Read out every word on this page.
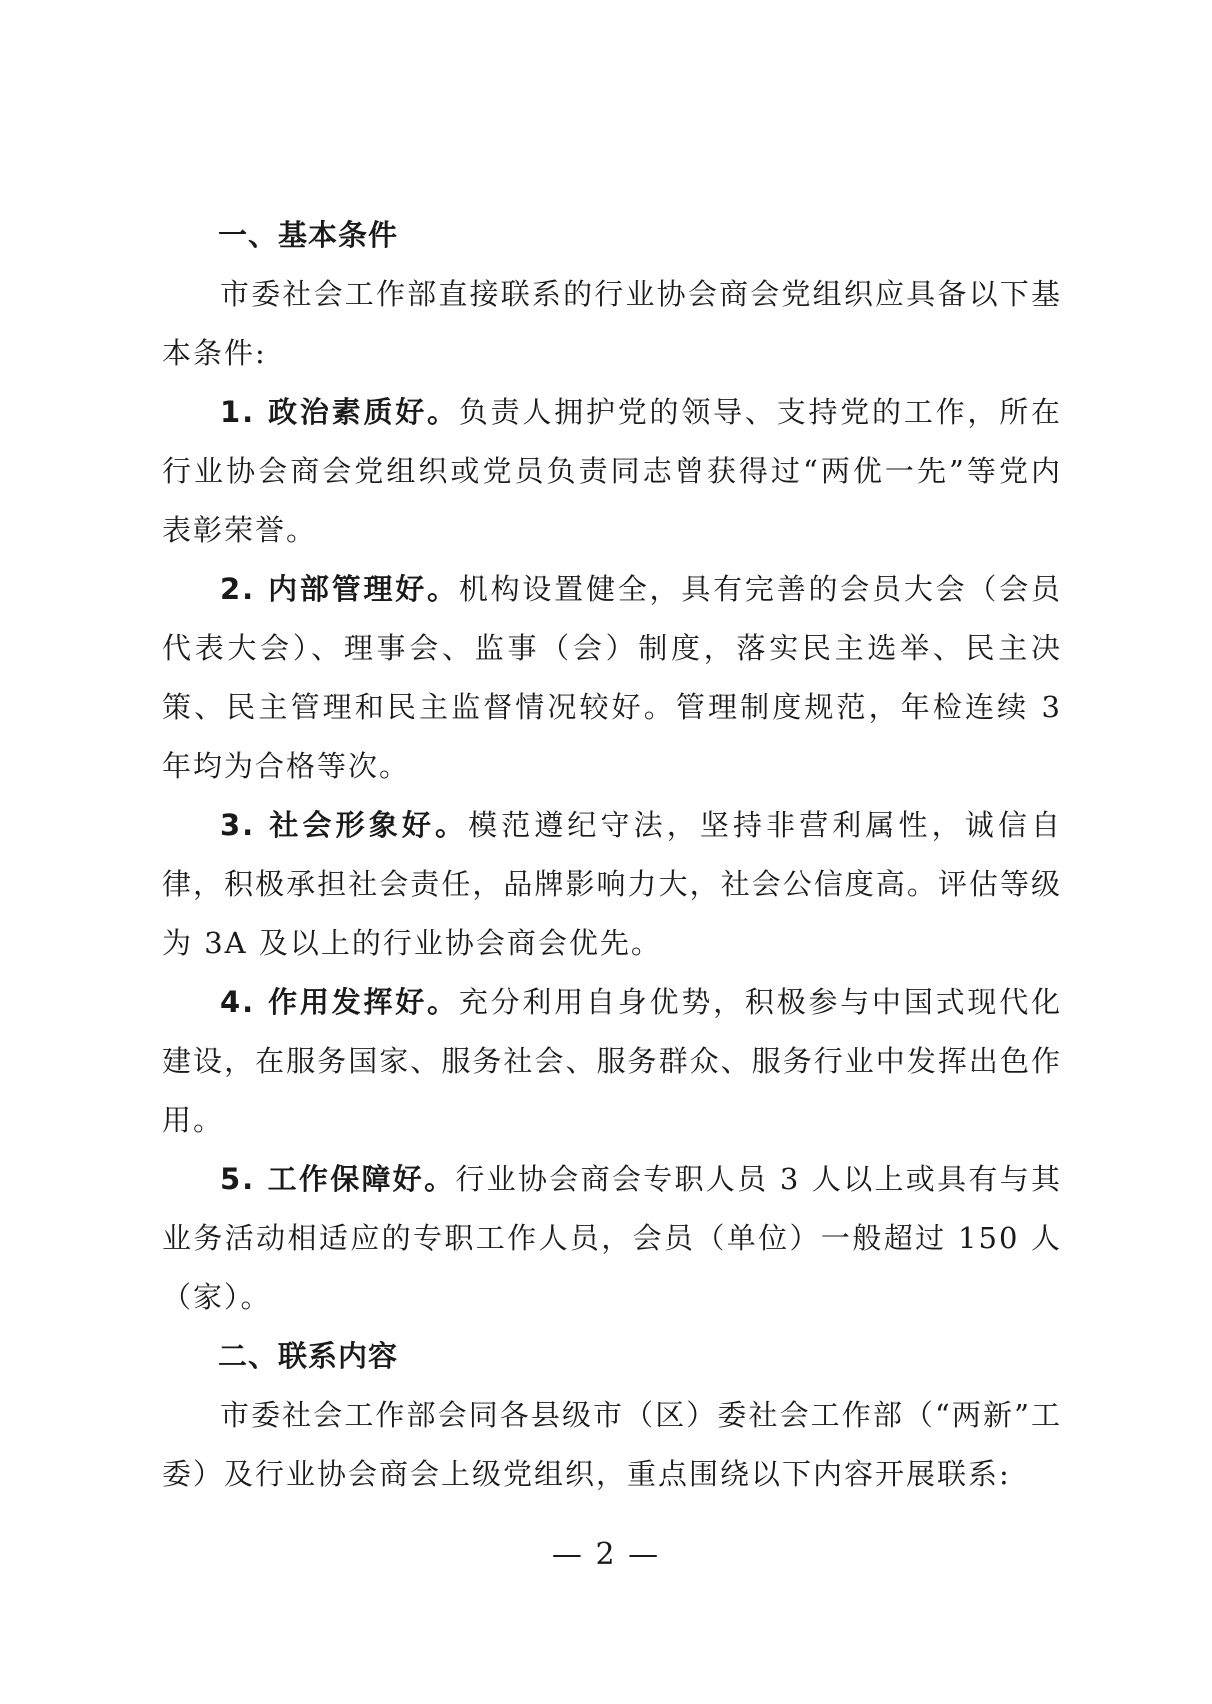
一、基本条件

市委社会工作部直接联系的行业协会商会党组织应具备以下基本条件:

1. 政治素质好。负责人拥护党的领导、支持党的工作，所在行业协会商会党组织或党员负责同志曾获得过“两优一先”等党内表彰荣誉。

2. 内部管理好。机构设置健全，具有完善的会员大会（会员代表大会）、理事会、监事（会）制度，落实民主选举、民主决策、民主管理和民主监督情况较好。管理制度规范，年检连续 3 年均为合格等次。

3. 社会形象好。模范遵纪守法，坚持非营利属性，诚信自律，积极承担社会责任，品牌影响力大，社会公信度高。评估等级为 3A 及以上的行业协会商会优先。

4. 作用发挥好。充分利用自身优势，积极参与中国式现代化建设，在服务国家、服务社会、服务群众、服务行业中发挥出色作用。

5. 工作保障好。行业协会商会专职人员 3 人以上或具有与其业务活动相适应的专职工作人员，会员（单位）一般超过 150 人（家）。

二、联系内容

市委社会工作部会同各县级市（区）委社会工作部（“两新”工委）及行业协会商会上级党组织，重点围绕以下内容开展联系:

— 2 —
